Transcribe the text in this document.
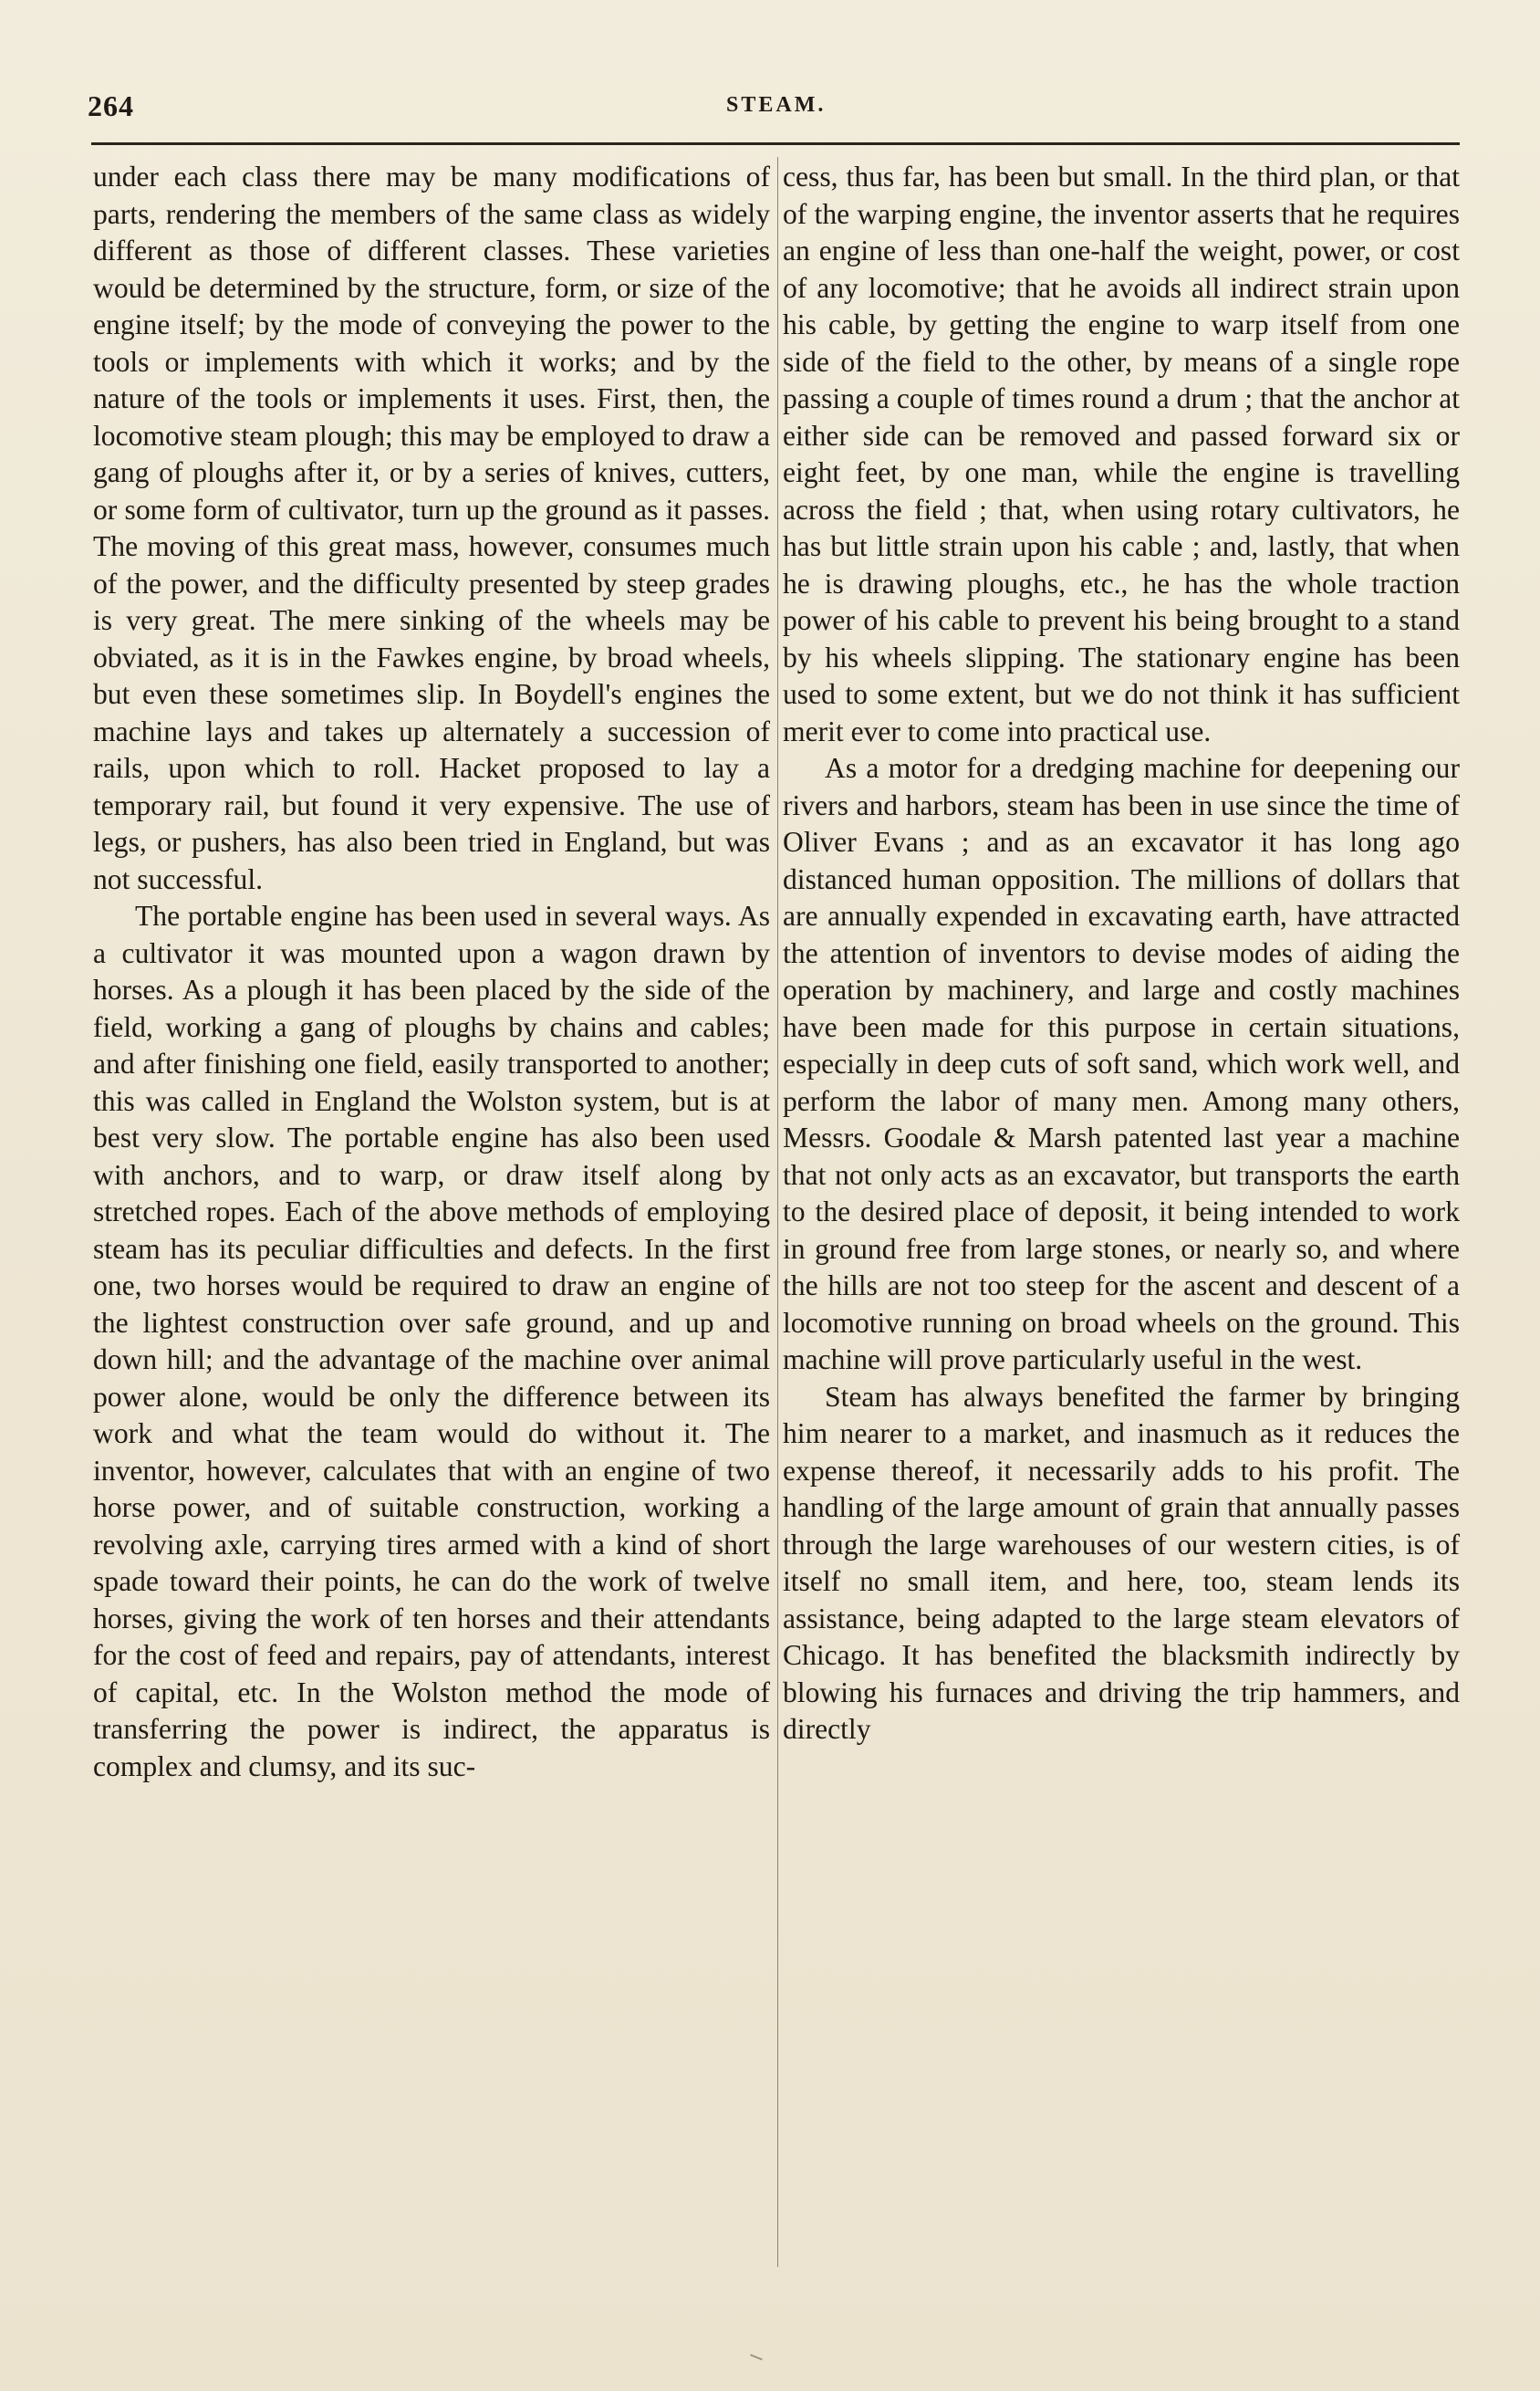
264	STEAM.

under each class there may be many modifications of parts, rendering the members of the same class as widely different as those of different classes. These varieties would be determined by the structure, form, or size of the engine itself; by the mode of conveying the power to the tools or implements with which it works; and by the nature of the tools or implements it uses. First, then, the locomotive steam plough; this may be employed to draw a gang of ploughs after it, or by a series of knives, cutters, or some form of cultivator, turn up the ground as it passes. The moving of this great mass, however, consumes much of the power, and the difficulty presented by steep grades is very great. The mere sinking of the wheels may be obviated, as it is in the Fawkes engine, by broad wheels, but even these sometimes slip. In Boydell's engines the machine lays and takes up alternately a succession of rails, upon which to roll. Hacket proposed to lay a temporary rail, but found it very expensive. The use of legs, or pushers, has also been tried in England, but was not successful.

The portable engine has been used in several ways. As a cultivator it was mounted upon a wagon drawn by horses. As a plough it has been placed by the side of the field, working a gang of ploughs by chains and cables; and after finishing one field, easily transported to another; this was called in England the Wolston system, but is at best very slow. The portable engine has also been used with anchors, and to warp, or draw itself along by stretched ropes. Each of the above methods of employing steam has its peculiar difficulties and defects. In the first one, two horses would be required to draw an engine of the lightest construction over safe ground, and up and down hill; and the advantage of the machine over animal power alone, would be only the difference between its work and what the team would do without it. The inventor, however, calculates that with an engine of two horse power, and of suitable construction, working a revolving axle, carrying tires armed with a kind of short spade toward their points, he can do the work of twelve horses, giving the work of ten horses and their attendants for the cost of feed and repairs, pay of attendants, interest of capital, etc. In the Wolston method the mode of transferring the power is indirect, the apparatus is complex and clumsy, and its suc-

cess, thus far, has been but small. In the third plan, or that of the warping engine, the inventor asserts that he requires an engine of less than one-half the weight, power, or cost of any locomotive; that he avoids all indirect strain upon his cable, by getting the engine to warp itself from one side of the field to the other, by means of a single rope passing a couple of times round a drum ; that the anchor at either side can be removed and passed forward six or eight feet, by one man, while the engine is travelling across the field ; that, when using rotary cultivators, he has but little strain upon his cable ; and, lastly, that when he is drawing ploughs, etc., he has the whole traction power of his cable to prevent his being brought to a stand by his wheels slipping. The stationary engine has been used to some extent, but we do not think it has sufficient merit ever to come into practical use.

As a motor for a dredging machine for deepening our rivers and harbors, steam has been in use since the time of Oliver Evans ; and as an excavator it has long ago distanced human opposition. The millions of dollars that are annually expended in excavating earth, have attracted the attention of inventors to devise modes of aiding the operation by machinery, and large and costly machines have been made for this purpose in certain situations, especially in deep cuts of soft sand, which work well, and perform the labor of many men. Among many others, Messrs. Goodale & Marsh patented last year a machine that not only acts as an excavator, but transports the earth to the desired place of deposit, it being intended to work in ground free from large stones, or nearly so, and where the hills are not too steep for the ascent and descent of a locomotive running on broad wheels on the ground. This machine will prove particularly useful in the west.

Steam has always benefited the farmer by bringing him nearer to a market, and inasmuch as it reduces the expense thereof, it necessarily adds to his profit. The handling of the large amount of grain that annually passes through the large warehouses of our western cities, is of itself no small item, and here, too, steam lends its assistance, being adapted to the large steam elevators of Chicago. It has benefited the blacksmith indirectly by blowing his furnaces and driving the trip hammers, and directly
